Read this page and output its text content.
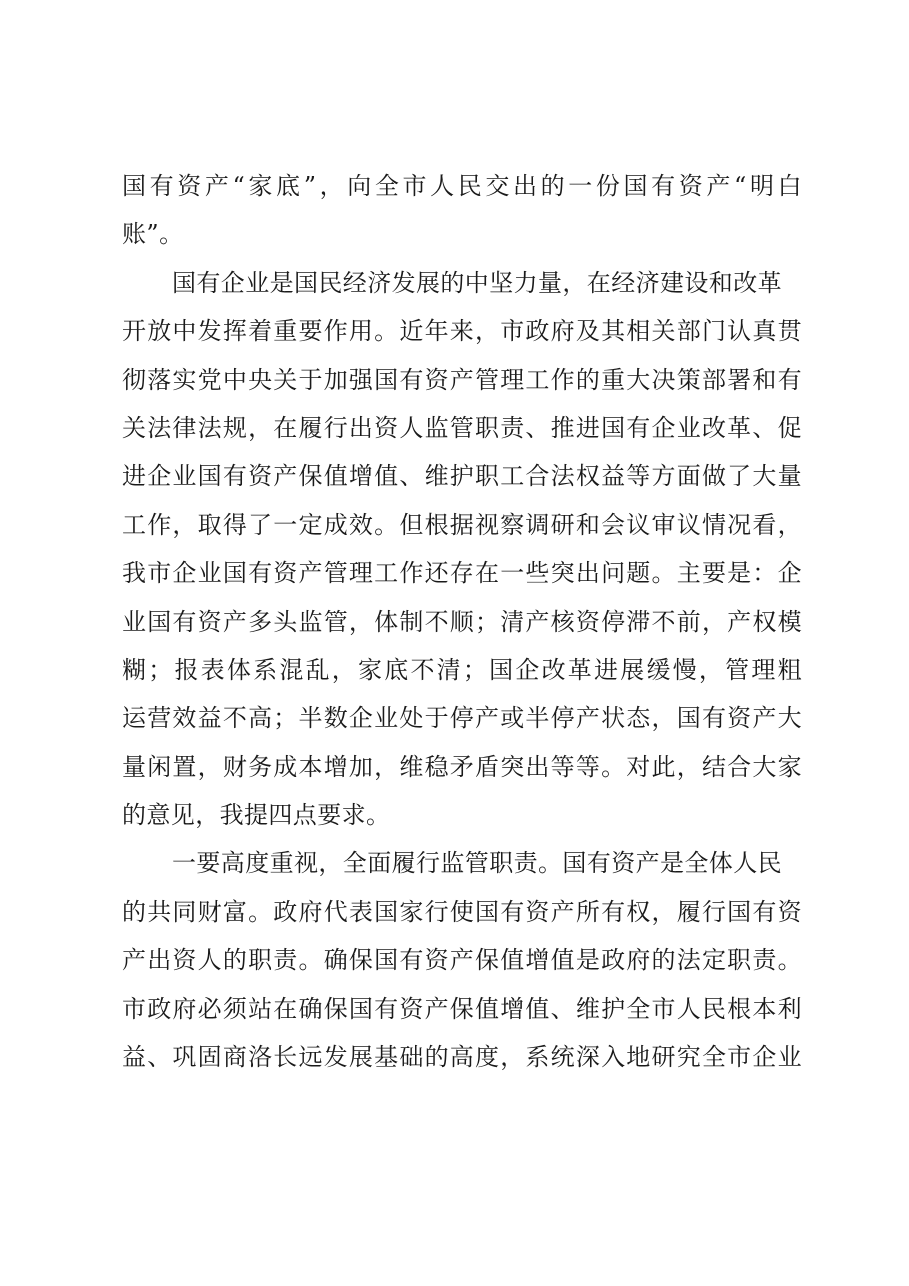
国有资产“家底”，向全市人民交出的一份国有资产“明白
账”。
国有企业是国民经济发展的中坚力量，在经济建设和改革
开放中发挥着重要作用。近年来，市政府及其相关部门认真贯
彻落实党中央关于加强国有资产管理工作的重大决策部署和有
关法律法规，在履行出资人监管职责、推进国有企业改革、促
进企业国有资产保值增值、维护职工合法权益等方面做了大量
工作，取得了一定成效。但根据视察调研和会议审议情况看，
我市企业国有资产管理工作还存在一些突出问题。主要是：企
业国有资产多头监管，体制不顺；清产核资停滞不前，产权模
糊；报表体系混乱，家底不清；国企改革进展缓慢，管理粗
运营效益不高；半数企业处于停产或半停产状态，国有资产大
量闲置，财务成本增加，维稳矛盾突出等等。对此，结合大家
的意见，我提四点要求。
一要高度重视，全面履行监管职责。国有资产是全体人民
的共同财富。政府代表国家行使国有资产所有权，履行国有资
产出资人的职责。确保国有资产保值增值是政府的法定职责。
市政府必须站在确保国有资产保值增值、维护全市人民根本利
益、巩固商洛长远发展基础的高度，系统深入地研究全市企业
